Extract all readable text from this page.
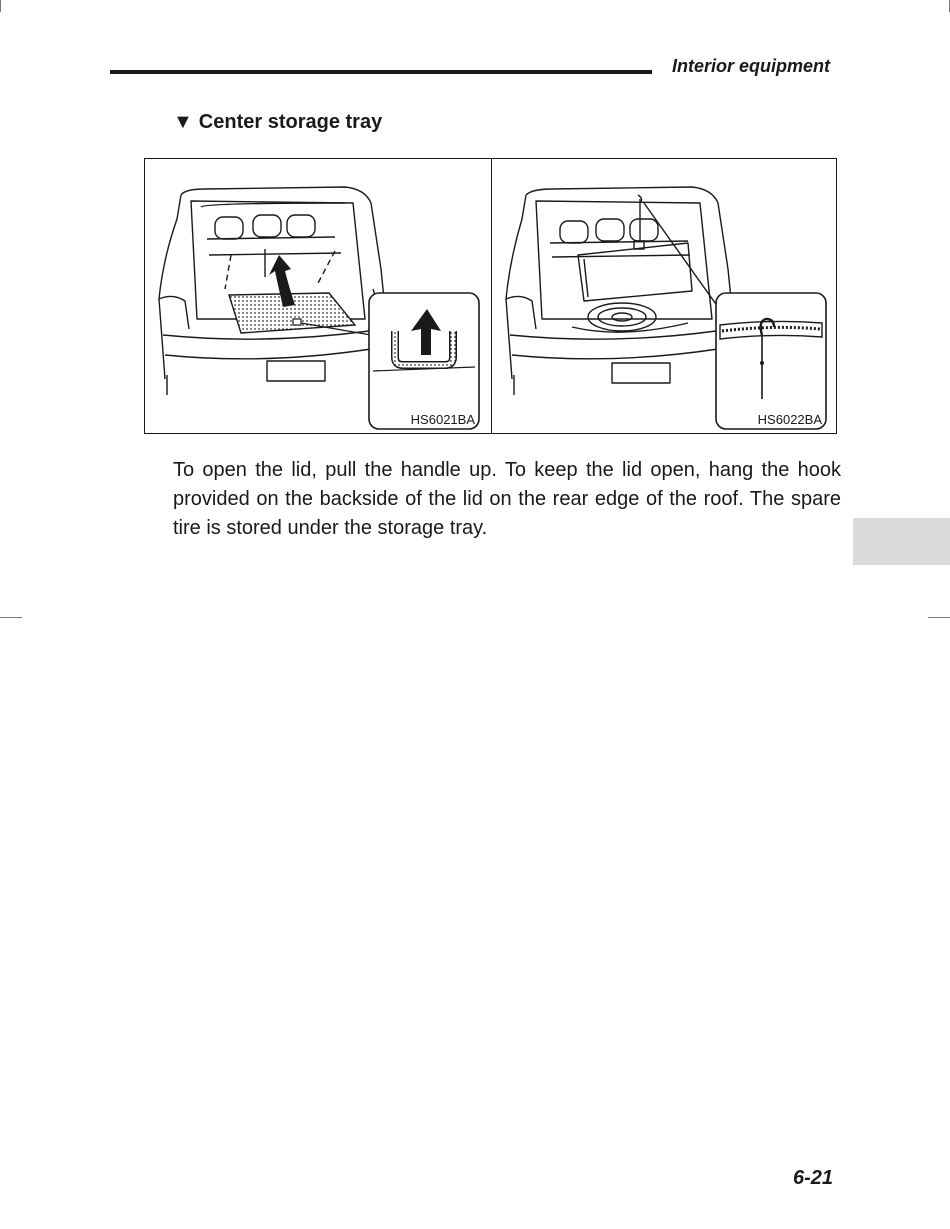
Interior equipment
▼ Center storage tray
HS6021BA	HS6022BA

To open the lid, pull the handle up. To keep the lid open, hang the hook provided on the backside of the lid on the rear edge of the roof. The spare tire is stored under the storage tray.

6-21
